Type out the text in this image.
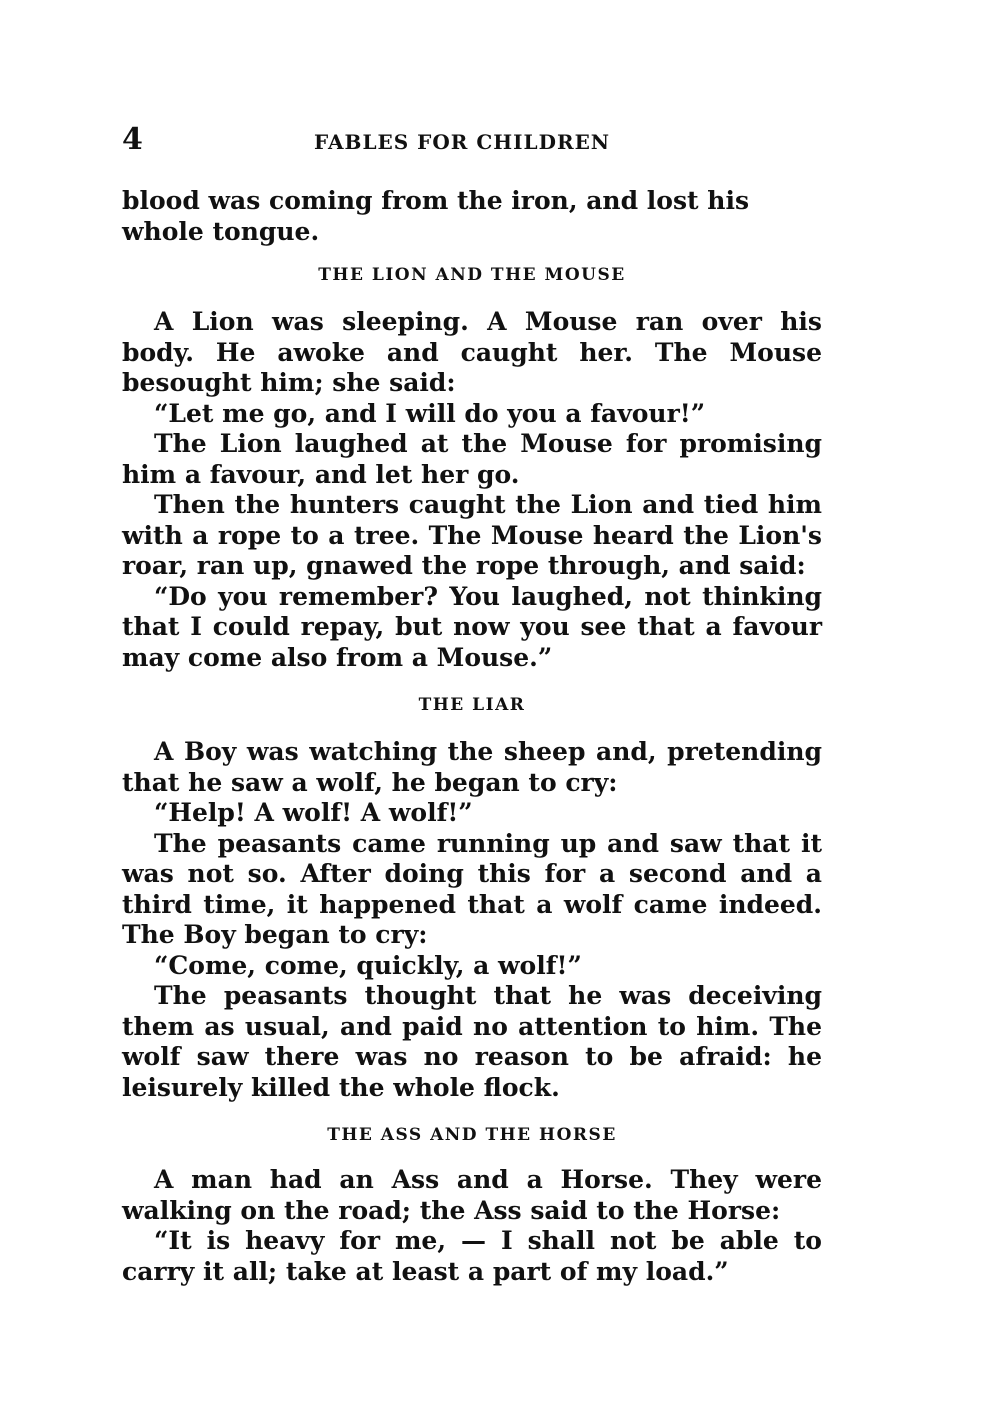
4	FABLES FOR CHILDREN

blood was coming from the iron, and lost his whole tongue.

THE LION AND THE MOUSE

A Lion was sleeping. A Mouse ran over his body. He awoke and caught her. The Mouse besought him; she said:

“Let me go, and I will do you a favour!”

The Lion laughed at the Mouse for promising him a favour, and let her go.

Then the hunters caught the Lion and tied him with a rope to a tree. The Mouse heard the Lion's roar, ran up, gnawed the rope through, and said:

“Do you remember? You laughed, not thinking that I could repay, but now you see that a favour may come also from a Mouse.”

THE LIAR

A Boy was watching the sheep and, pretending that he saw a wolf, he began to cry:

“Help! A wolf! A wolf!”

The peasants came running up and saw that it was not so. After doing this for a second and a third time, it happened that a wolf came indeed. The Boy began to cry:

“Come, come, quickly, a wolf!”

The peasants thought that he was deceiving them as usual, and paid no attention to him. The wolf saw there was no reason to be afraid: he leisurely killed the whole flock.

THE ASS AND THE HORSE

A man had an Ass and a Horse. They were walking on the road; the Ass said to the Horse:

“It is heavy for me, — I shall not be able to carry it all; take at least a part of my load.”
